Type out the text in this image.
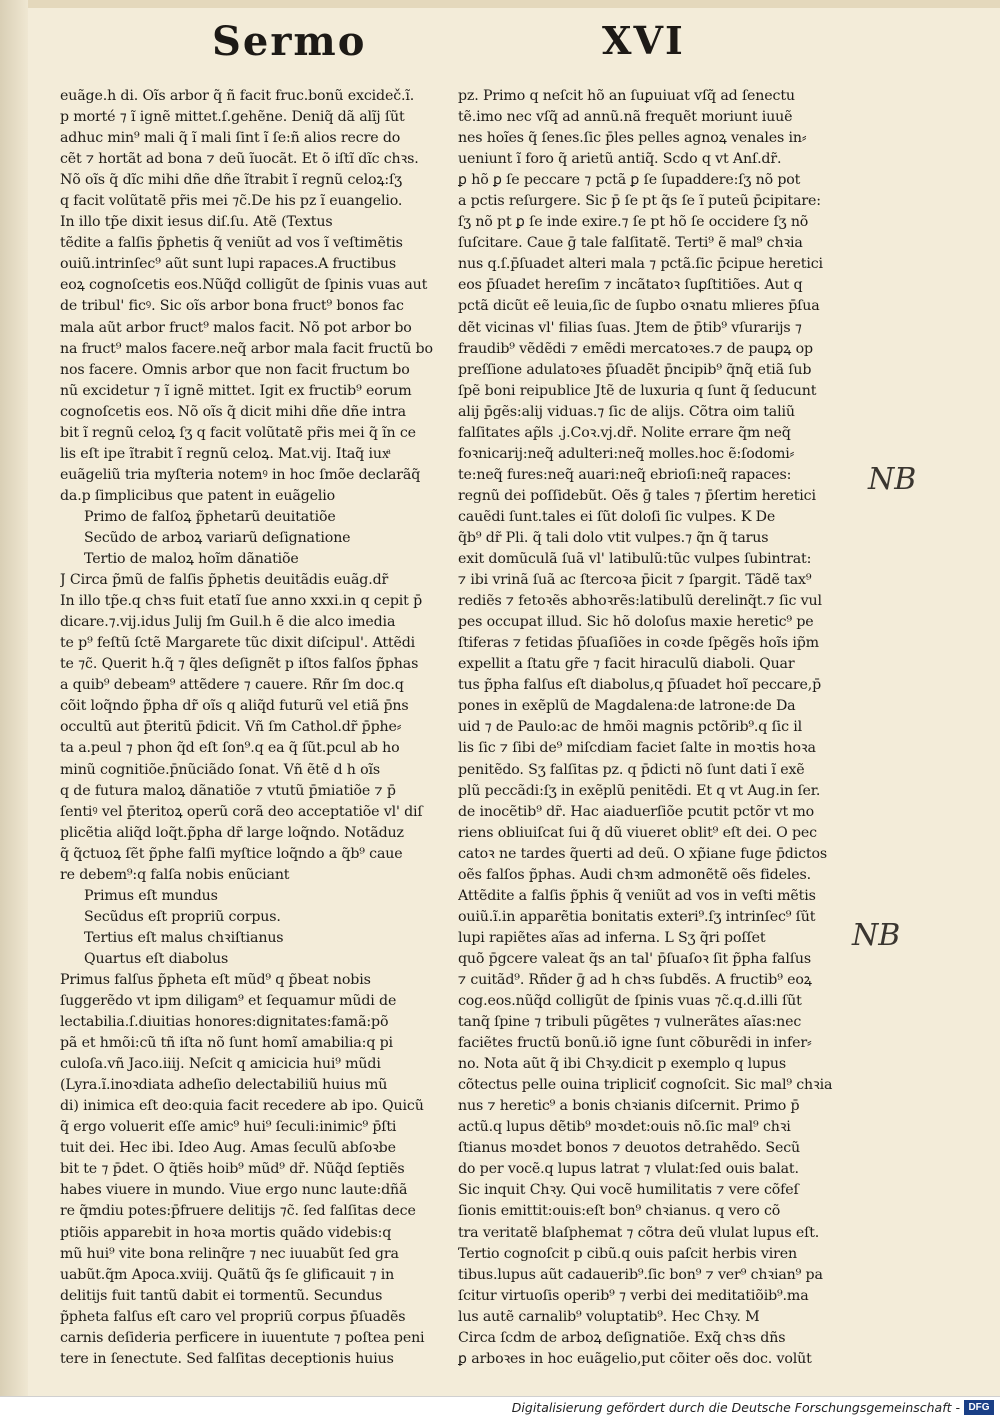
Sermo	XVI

euãge.h di. Oĩs arbor q̃ ñ facit fruc.bonũ excideč.ĩ.

p morté ⁊ ĩ ignẽ mittet.ſ.gehẽne. Deniq̃ dã alĩj ſũt

adhuc min⁹ mali q̃ ĩ mali ſint ĩ ſe:ñ alios recre do

cẽt ⁊ hortãt ad bona ⁊ deũ ĩuocãt. Et õ iſtĩ dĩc chꝛs.

Nõ oĩs q̃ dĩc mihi dñe dñe ĩtrabit ĩ regnũ celoꝝ:ſʒ

q facit volũtatẽ pr̃is mei ⁊c̃.De his pz ĩ euangelio.

In illo tp̃e dixit iesus diſ.ſu. Atẽ (Textus

tẽdite a falſis p̃phetis q̃ veniũt ad vos ĩ veſtimẽtis

ouiũ.intrinſec⁹ aũt sunt lupi rapaces.A fructibus

eoꝝ cognoſcetis eos.Nũq̃d colligũt de ſpinis vuas aut

de tribul' ficꝰ. Sic oĩs arbor bona fruct⁹ bonos fac

mala aũt arbor fruct⁹ malos facit. Nõ pot arbor bo

na fruct⁹ malos facere.neq̃ arbor mala facit fructũ bo

nos facere. Omnis arbor que non facit fructum bo

nũ excidetur ⁊ ĩ ignẽ mittet. Igit ex fructib⁹ eorum

cognoſcetis eos. Nõ oĩs q̃ dicit mihi dñe dñe intra

bit ĩ regnũ celoꝝ ſʒ q facit volũtatẽ pr̃is mei q̃ ĩn ce

lis eſt ipe ĩtrabit ĩ regnũ celoꝝ. Mat.vij. Itaq̃ iuxͣ

euãgeliũ tria myſteria notemꝰ in hoc ſmõe declarãq̃

da.p ſimplicibus que patent in euãgelio

Primo de falſoꝝ p̃phetarũ deuitatiõe

Secũdo de arboꝝ variarũ deſignatione

Tertio de maloꝝ hoĩm dãnatiõe

J Circa p̃mũ de falſis p̃phetis deuitãdis euãg.dr̃

In illo tp̃e.q chꝛs fuit etatĩ ſue anno xxxi.in q cepit p̄

dicare.⁊.vij.idus Julij ſm Guil.h ẽ die alco imedia

te p⁹ feſtũ ſctẽ Margarete tũc dixit diſcipul'. Attẽdi

te ⁊c̃. Querit h.q̃ ⁊ q̃les deſignẽt p iſtos falſos p̃phas

a quib⁹ debeam⁹ attẽdere ⁊ cauere. Rñr ſm doc.q

cõit loq̃ndo p̃pha dr̃ oĩs q aliq̃d futurũ vel etiã p̄ns

occultũ aut p̄teritũ p̄dicit. Vñ ſm Cathol.dr̃ p̄phe⸗

ta a.peul ⁊ phon q̃d eſt ſon⁹.q ea q̃ ſũt.pcul ab ho

minũ cognitiõe.p̄nũciãdo ſonat. Vñ ẽtẽ d h oĩs

q de futura maloꝝ dãnatiõe ⁊ vtutũ p̄miatiõe ⁊ p̄

ſentiꝰ vel p̄teritoꝝ operũ corã deo acceptatiõe vl' diſ

plicẽtia aliq̃d loq̃t.p̃pha dr̃ large loq̃ndo. Notãduz

q̃ q̃ctuoꝝ ſẽt p̃phe falſi myſtice loq̃ndo a q̃b⁹ caue

re debem⁹:q falſa nobis enũciant

Primus eſt mundus

Secũdus eſt propriũ corpus.

Tertius eſt malus chꝛiſtianus

Quartus eſt diabolus

Primus falſus p̃pheta eſt mũd⁹ q p̃beat nobis

ſuggerẽdo vt ipm diligam⁹ et ſequamur mũdi de

lectabilia.ſ.diuitias honores:dignitates:famã:põ

pã et hmõi:cũ tñ iſta nõ ſunt homĩ amabilia:q pi

culoſa.vñ Jaco.iiij. Neſcit q amicicia hui⁹ mũdi

(Lyra.ĩ.inoꝛdiata adheſio delectabiliũ huius mũ

di) inimica eſt deo:quia facit recedere ab ipo. Quicũ

q̃ ergo voluerit eſſe amic⁹ hui⁹ ſeculi:inimic⁹ p̄ſti

tuit dei. Hec ibi. Ideo Aug. Amas ſeculũ abſoꝛbe

bit te ⁊ p̄det. O q̃tiẽs hoib⁹ mũd⁹ dr̃. Nũq̃d ſeptiẽs

habes viuere in mundo. Viue ergo nunc laute:dñã

re q̃mdiu potes:p̄fruere delitijs ⁊c̃. ſed falſitas dece

ptiõis apparebit in hoꝛa mortis quãdo videbis:q

mũ hui⁹ vite bona relinq̃re ⁊ nec iuuabũt ſed gra

uabũt.q̃m Apoca.xviij. Quãtũ q̃s ſe glificauit ⁊ in

delitijs fuit tantũ dabit ei tormentũ. Secundus

p̃pheta falſus eſt caro vel propriũ corpus p̄ſuadẽs

carnis deſideria perficere in iuuentute ⁊ poſtea peni

tere in ſenectute. Sed falſitas deceptionis huius

pz. Primo q neſcit hõ an ſuꝑuiuat vſq̃ ad ſenectu

tẽ.imo nec vſq̃ ad annũ.nã frequẽt moriunt iuuẽ

nes hoĩes q̃ ſenes.ſic p̄les pelles agnoꝝ venales in⸗

ueniunt ĩ foro q̃ arietũ antiq̃. Scdo q vt Anſ.dr̃.

ꝑ hõ ꝑ ſe peccare ⁊ pctã ꝑ ſe ſupaddere:ſʒ nõ pot

a pctis reſurgere. Sic p̄ ſe pt q̃s ſe ĩ puteũ p̄cipitare:

ſʒ nõ pt ꝑ ſe inde exire.⁊ ſe pt hõ ſe occidere ſʒ nõ

ſuſcitare. Caue ḡ tale falſitatẽ. Terti⁹ ẽ mal⁹ chꝛia

nus q.ſ.p̄ſuadet alteri mala ⁊ pctã.ſic p̄cipue heretici

eos p̄ſuadet hereſim ⁊ incãtatoꝛ ſuꝑſtitiões. Aut q

pctã dicũt eẽ leuia,ſic de ſupbo oꝛnatu mlieres p̄ſua

dẽt vicinas vl' filias ſuas. Jtem de p̄tib⁹ vſurarijs ⁊

fraudib⁹ vẽdẽdi ⁊ emẽdi mercatoꝛes.⁊ de pauꝑꝝ op

preſſione adulatoꝛes p̄ſuadẽt p̄ncipib⁹ q̃nq̃ etiã ſub

ſpẽ boni reipublice Jtẽ de luxuria q ſunt q̃ ſeducunt

alij p̄gẽs:alij viduas.⁊ ſic de alijs. Cõtra oim taliũ

falſitates ap̃ls .j.Coꝛ.vj.dr̃. Nolite errare q̃m neq̃

foꝛnicarij:neq̃ adulteri:neq̃ molles.hoc ẽ:ſodomi⸗

te:neq̃ fures:neq̃ auari:neq̃ ebrioſi:neq̃ rapaces:

regnũ dei poſſidebũt. Oẽs ḡ tales ⁊ p̄ſertim heretici

cauẽdi ſunt.tales ei ſũt doloſi ſic vulpes. K De

q̃b⁹ dr̃ Pli. q̃ tali dolo vtit vulpes.⁊ q̃n q̃ tarus

exit domũculã ſuã vl' latibulũ:tũc vulpes ſubintrat:

⁊ ibi vrinã ſuã ac ſtercoꝛa p̄icit ⁊ ſpargit. Tãdẽ tax⁹

rediẽs ⁊ fetoꝛẽs abhoꝛrẽs:latibulũ derelinq̃t.⁊ ſic vul

pes occupat illud. Sic hõ doloſus maxie heretic⁹ pe

ſtiferas ⁊ fetidas p̄ſuaſiões in coꝛde ſpẽgẽs hoĩs ip̃m

expellit a ſtatu gr̃e ⁊ facit hiraculũ diaboli. Quar

tus p̃pha falſus eſt diabolus,q p̄ſuadet hoĩ peccare,p̄

pones in exẽplũ de Magdalena:de latrone:de Da

uid ⁊ de Paulo:ac de hmõi magnis pctõrib⁹.q ſic il

lis ſic ⁊ ſibi de⁹ miſcdiam faciet ſalte in moꝛtis hoꝛa

penitẽdo. Sʒ falſitas pz. q p̄dicti nõ ſunt dati ĩ exẽ

plũ peccãdi:ſʒ in exẽplũ penitẽdi. Et q vt Aug.in ſer.

de inocẽtib⁹ dr̃. Hac aiaduerſiõe pcutit pctõr vt mo

riens obliuiſcat ſui q̃ dũ viueret oblit⁹ eſt dei. O pec

catoꝛ ne tardes q̃uerti ad deũ. O xp̃iane fuge p̄dictos

oẽs falſos p̃phas. Audi chꝛm admonẽtẽ oẽs fideles.

Attẽdite a falſis p̃phis q̃ veniũt ad vos in veſti mẽtis

ouiũ.ĩ.in apparẽtia bonitatis exteri⁹.ſʒ intrinſec⁹ ſũt

lupi rapiẽtes aĩas ad inferna. L Sʒ q̃ri poſſet

quõ p̄gcere valeat q̃s an tal' p̄ſuaſoꝛ ſit p̃pha falſus

⁊ cuitãd⁹. Rñder ḡ ad h chꝛs ſubdẽs. A fructib⁹ eoꝝ

cog.eos.nũq̃d colligũt de ſpinis vuas ⁊c̃.q.d.illi ſũt

tanq̃ ſpine ⁊ tribuli pũgẽtes ⁊ vulnerãtes aĩas:nec

faciẽtes fructũ bonũ.iõ igne ſunt cõburẽdi in infer⸗

no. Nota aũt q̃ ibi Chꝛy.dicit p exemplo q lupus

cõtectus pelle ouina tripliciť cognoſcit. Sic mal⁹ chꝛia

nus ⁊ heretic⁹ a bonis chꝛianis diſcernit. Primo p̄

actũ.q lupus dẽtib⁹ moꝛdet:ouis nõ.ſic mal⁹ chꝛi

ſtianus moꝛdet bonos ⁊ deuotos detrahẽdo. Secũ

do per vocẽ.q lupus latrat ⁊ vlulat:ſed ouis balat.

Sic inquit Chꝛy. Qui vocẽ humilitatis ⁊ vere cõfeſ

ſionis emittit:ouis:eſt bon⁹ chꝛianus. q vero cõ

tra veritatẽ blaſphemat ⁊ cõtra deũ vlulat lupus eſt.

Tertio cognoſcit p cibũ.q ouis paſcit herbis viren

tibus.lupus aũt cadauerib⁹.ſic bon⁹ ⁊ ver⁹ chꝛian⁹ pa

ſcitur virtuoſis operib⁹ ⁊ verbi dei meditatiõib⁹.ma

lus autẽ carnalib⁹ voluptatib⁹. Hec Chꝛy. M

Circa ſcdm de arboꝝ deſignatiõe. Exq̃ chꝛs dñs

ꝑ arboꝛes in hoc euãgelio,put cõiter oẽs doc. volũt

NB
NB
Digitalisierung gefördert durch die Deutsche Forschungsgemeinschaft - DFG
